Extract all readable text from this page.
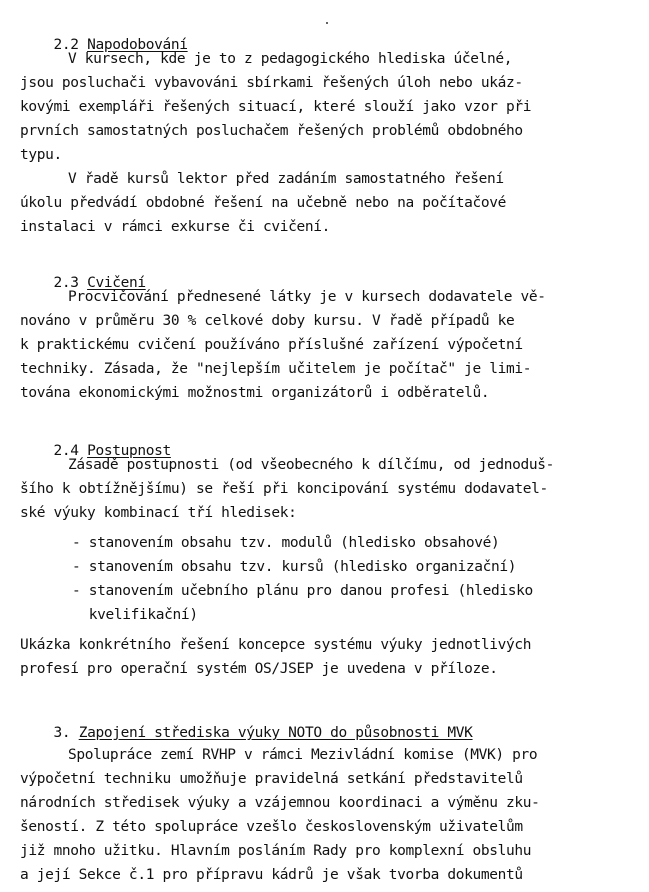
2.2 Napodobování

V kursech, kde je to z pedagogického hlediska účelné,
jsou posluchači vybavováni sbírkami řešených úloh nebo ukáz-
kovými exempláři řešených situací, které slouží jako vzor při
prvních samostatných posluchačem řešených problémů obdobného
typu.
V řadě kursů lektor před zadáním samostatného řešení
úkolu předvádí obdobné řešení na učebně nebo na počítačové
instalaci v rámci exkurse či cvičení.

2.3 Cvičení

Procvičování přednesené látky je v kursech dodavatele vě-
nováno v průměru 30 % celkové doby kursu. V řadě případů ke
k praktickému cvičení používáno příslušné zařízení výpočetní
techniky. Zásada, že "nejlepším učitelem je počítač" je limi-
tována ekonomickými možnostmi organizátorů i odběratelů.

2.4 Postupnost

Zásadě postupnosti (od všeobecného k dílčímu, od jednoduš-
šího k obtížnějšímu) se řeší při koncipování systému dodavatel-
ské výuky kombinací tří hledisek:
- stanovením obsahu tzv. modulů (hledisko obsahové)
- stanovením obsahu tzv. kursů (hledisko organizační)
- stanovením učebního plánu pro danou profesi (hledisko
kvelifikační)
Ukázka konkrétního řešení koncepce systému výuky jednotlivých
profesí pro operační systém OS/JSEP je uvedena v příloze.

3. Zapojení střediska výuky NOTO do působnosti MVK

Spolupráce zemí RVHP v rámci Mezivládní komise (MVK) pro
výpočetní techniku umožňuje pravidelná setkání představitelů
národních středisek výuky a vzájemnou koordinaci a výměnu zku-
šeností. Z této spolupráce vzešlo československým uživatelům
již mnoho užitku. Hlavním posláním Rady pro komplexní obsluhu
a její Sekce č.1 pro přípravu kádrů je však tvorba dokumentů
